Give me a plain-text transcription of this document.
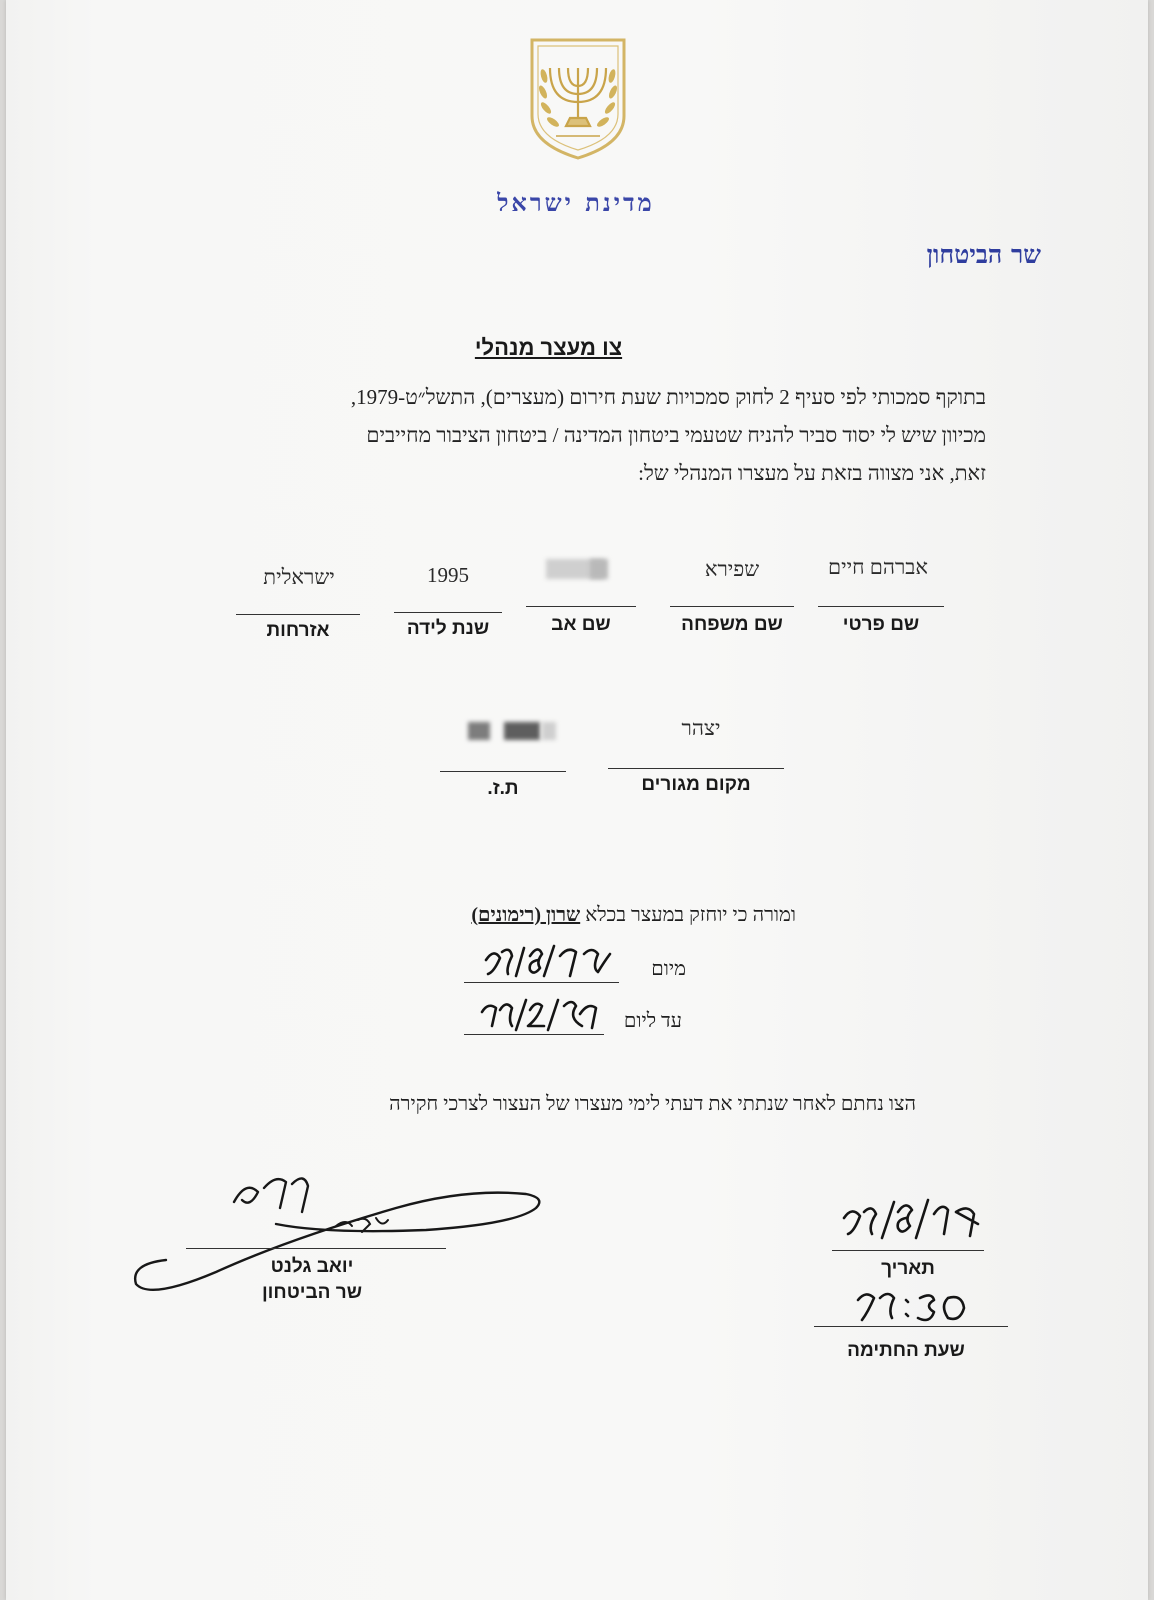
מדינת ישראל
שר הביטחון
צו מעצר מנהלי
בתוקף סמכותי לפי סעיף 2 לחוק סמכויות שעת חירום (מעצרים), התשל״ט-1979,
מכיוון שיש לי יסוד סביר להניח שטעמי ביטחון המדינה / ביטחון הציבור מחייבים
זאת, אני מצווה בזאת על מעצרו המנהלי של:
אברהם חיים
שם פרטי
שפירא
שם משפחה
שם אב
1995
שנת לידה
ישראלית
אזרחות
יצהר
מקום מגורים
ת.ז.
ומורה כי יוחזק במעצר בכלא שרון (רימונים)
מיום
עד ליום
הצו נחתם לאחר שנתתי את דעתי לימי מעצרו של העצור לצרכי חקירה
יואב גלנט
שר הביטחון
תאריך
שעת החתימה
